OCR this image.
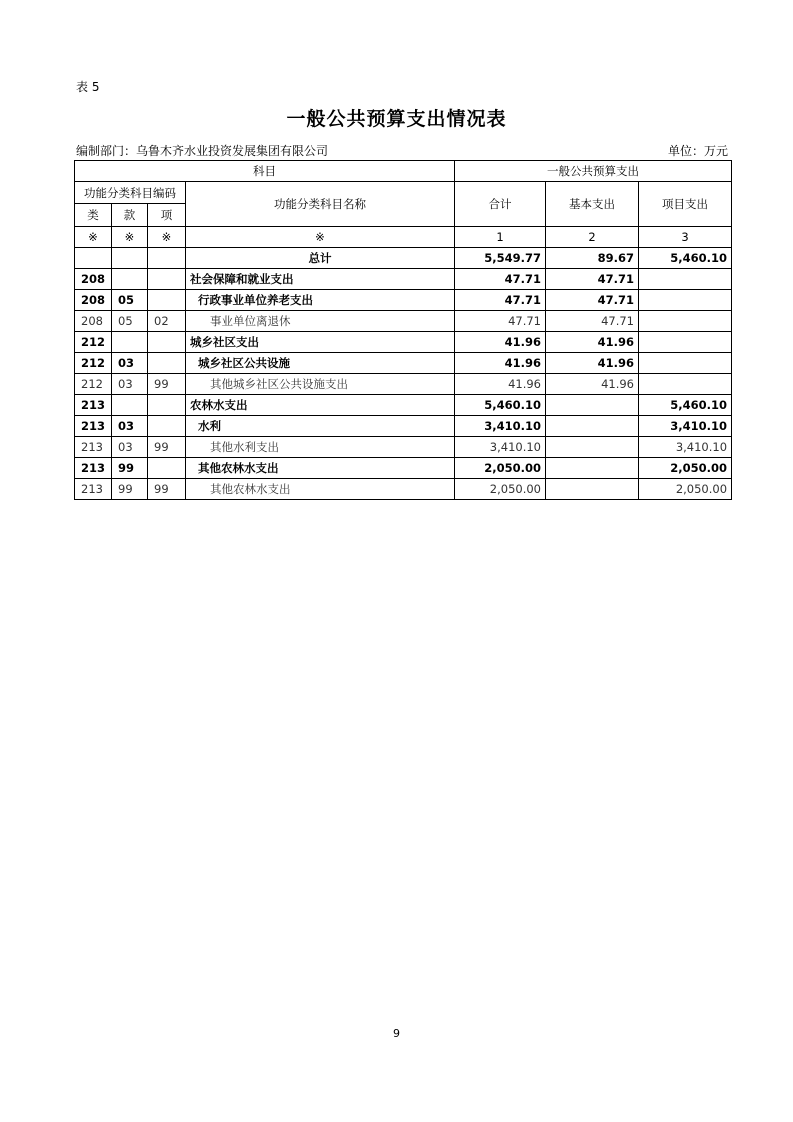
表 5
一般公共预算支出情况表
编制部门：乌鲁木齐水业投资发展集团有限公司	单位：万元
科目				一般公共预算支出		
功能分类科目编码			功能分类科目名称	合计	基本支出	项目支出
类	款	项				
※	※	※	※	1	2	3
			总计	5,549.77	89.67	5,460.10
208			社会保障和就业支出	47.71	47.71	
208	05		行政事业单位养老支出	47.71	47.71	
208	05	02	事业单位离退休	47.71	47.71	
212			城乡社区支出	41.96	41.96	
212	03		城乡社区公共设施	41.96	41.96	
212	03	99	其他城乡社区公共设施支出	41.96	41.96	
213			农林水支出	5,460.10		5,460.10
213	03		水利	3,410.10		3,410.10
213	03	99	其他水利支出	3,410.10		3,410.10
213	99		其他农林水支出	2,050.00		2,050.00
213	99	99	其他农林水支出	2,050.00		2,050.00
9
